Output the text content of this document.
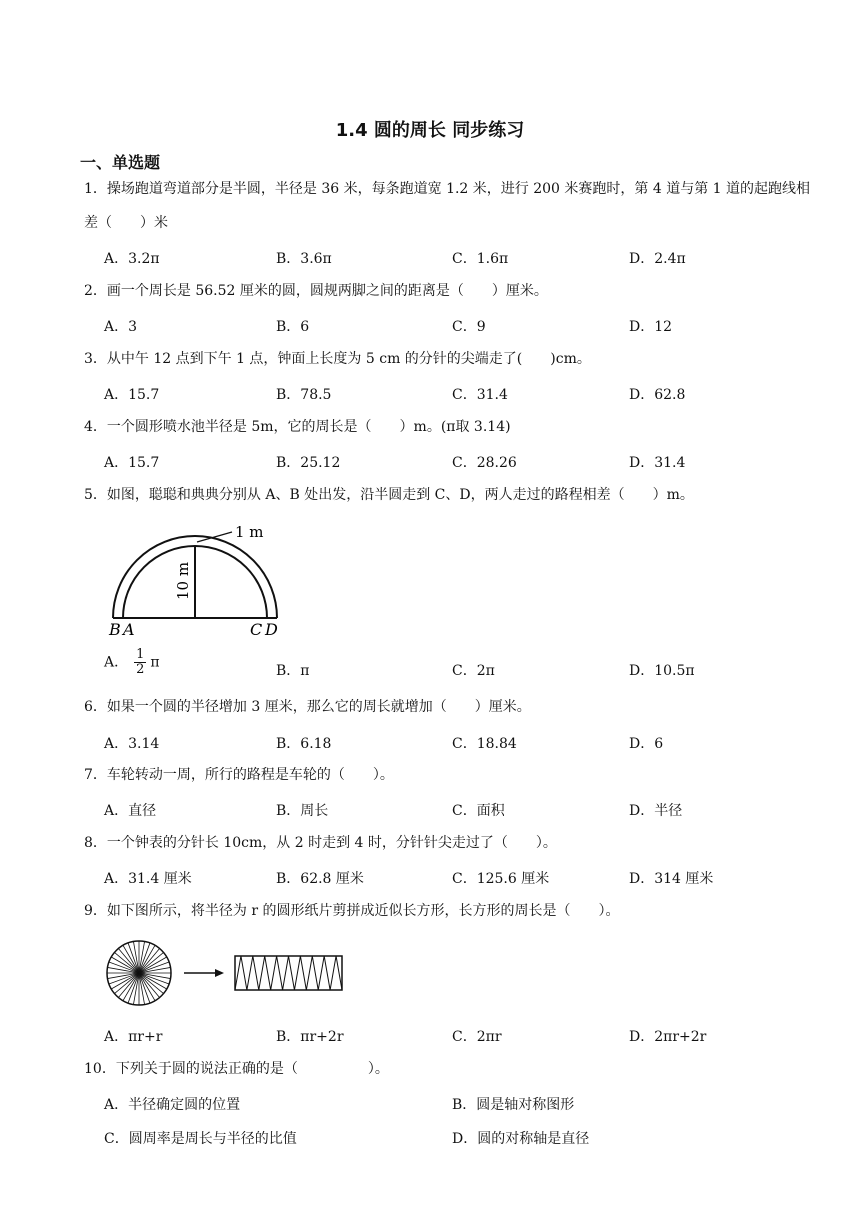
1.4 圆的周长 同步练习
一、单选题
1．操场跑道弯道部分是半圆，半径是 36 米，每条跑道宽 1.2 米，进行 200 米赛跑时，第 4 道与第 1 道的起跑线相差（　　）米
A．3.2π	B．3.6π	C．1.6π	D．2.4π
2．画一个周长是 56.52 厘米的圆，圆规两脚之间的距离是（　　）厘米。
A．3	B．6	C．9	D．12
3．从中午 12 点到下午 1 点，钟面上长度为 5 cm 的分针的尖端走了(　　)cm。
A．15.7	B．78.5	C．31.4	D．62.8
4．一个圆形喷水池半径是 5m，它的周长是（　　）m。(π取 3.14)
A．15.7	B．25.12	C．28.26	D．31.4
5．如图，聪聪和典典分别从 A、B 处出发，沿半圆走到 C、D，两人走过的路程相差（　　）m。
1 m
10 m
B A	C D
A． $\frac{1}{2}$ π
B．π	C．2π	D．10.5π
6．如果一个圆的半径增加 3 厘米，那么它的周长就增加（　　）厘米。
A．3.14	B．6.18	C．18.84	D．6
7．车轮转动一周，所行的路程是车轮的（　　）。
A．直径	B．周长	C．面积	D．半径
8．一个钟表的分针长 10cm，从 2 时走到 4 时，分针针尖走过了（　　）。
A．31.4 厘米	B．62.8 厘米	C．125.6 厘米	D．314 厘米
9．如下图所示，将半径为 r 的圆形纸片剪拼成近似长方形，长方形的周长是（　　）。
A．πr+r	B．πr+2r	C．2πr	D．2πr+2r
10．下列关于圆的说法正确的是（　　　　　）。
A．半径确定圆的位置	B．圆是轴对称图形
C．圆周率是周长与半径的比值	D．圆的对称轴是直径
